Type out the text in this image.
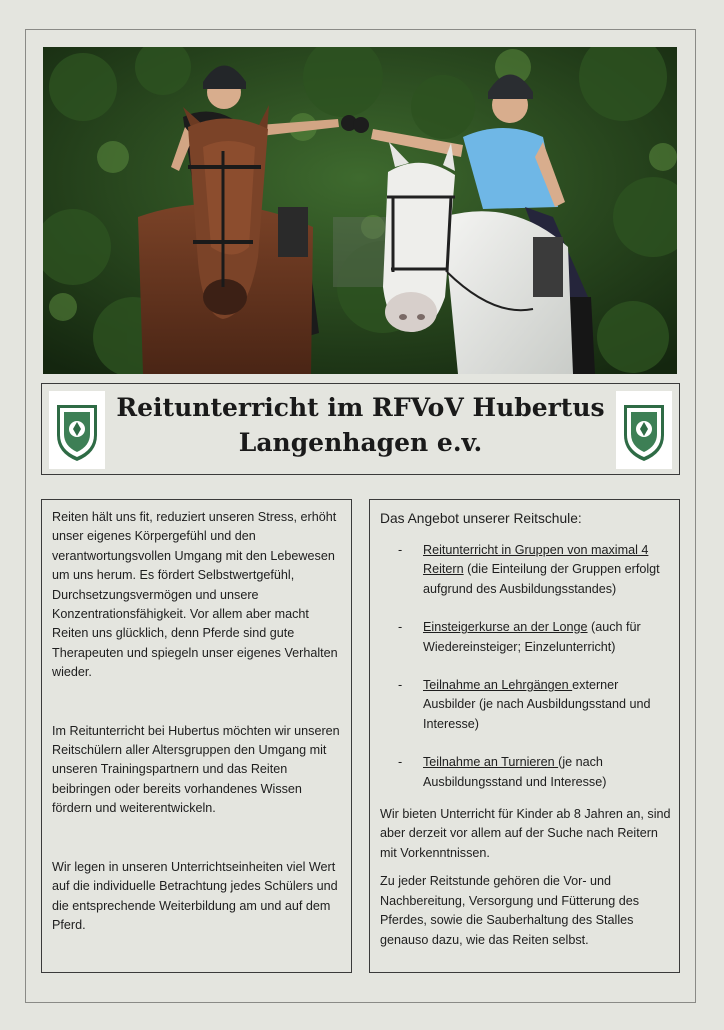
Reitunterricht im RFVoV Hubertus
Langenhagen e.v.

Reiten hält uns fit, reduziert unseren Stress, erhöht unser eigenes Körpergefühl und den verantwortungsvollen Umgang mit den Lebewesen um uns herum. Es fördert Selbstwertgefühl, Durchsetzungsvermögen und unsere Konzentrationsfähigkeit. Vor allem aber macht Reiten uns glücklich, denn Pferde sind gute Therapeuten und spiegeln unser eigenes Verhalten wieder.

Im Reitunterricht bei Hubertus möchten wir unseren Reitschülern aller Altersgruppen den Umgang mit unseren Trainingspartnern und das Reiten beibringen oder bereits vorhandenes Wissen fördern und weiterentwickeln.

Wir legen in unseren Unterrichtseinheiten viel Wert auf die individuelle Betrachtung jedes Schülers und die entsprechende Weiterbildung am und auf dem Pferd.

Das Angebot unserer Reitschule:
- Reitunterricht in Gruppen von maximal 4 Reitern (die Einteilung der Gruppen erfolgt aufgrund des Ausbildungsstandes)
- Einsteigerkurse an der Longe (auch für Wiedereinsteiger; Einzelunterricht)
- Teilnahme an Lehrgängen externer Ausbilder (je nach Ausbildungsstand und Interesse)
- Teilnahme an Turnieren (je nach Ausbildungsstand und Interesse)

Wir bieten Unterricht für Kinder ab 8 Jahren an, sind aber derzeit vor allem auf der Suche nach Reitern mit Vorkenntnissen.

Zu jeder Reitstunde gehören die Vor- und Nachbereitung, Versorgung und Fütterung des Pferdes, sowie die Sauberhaltung des Stalles genauso dazu, wie das Reiten selbst.
